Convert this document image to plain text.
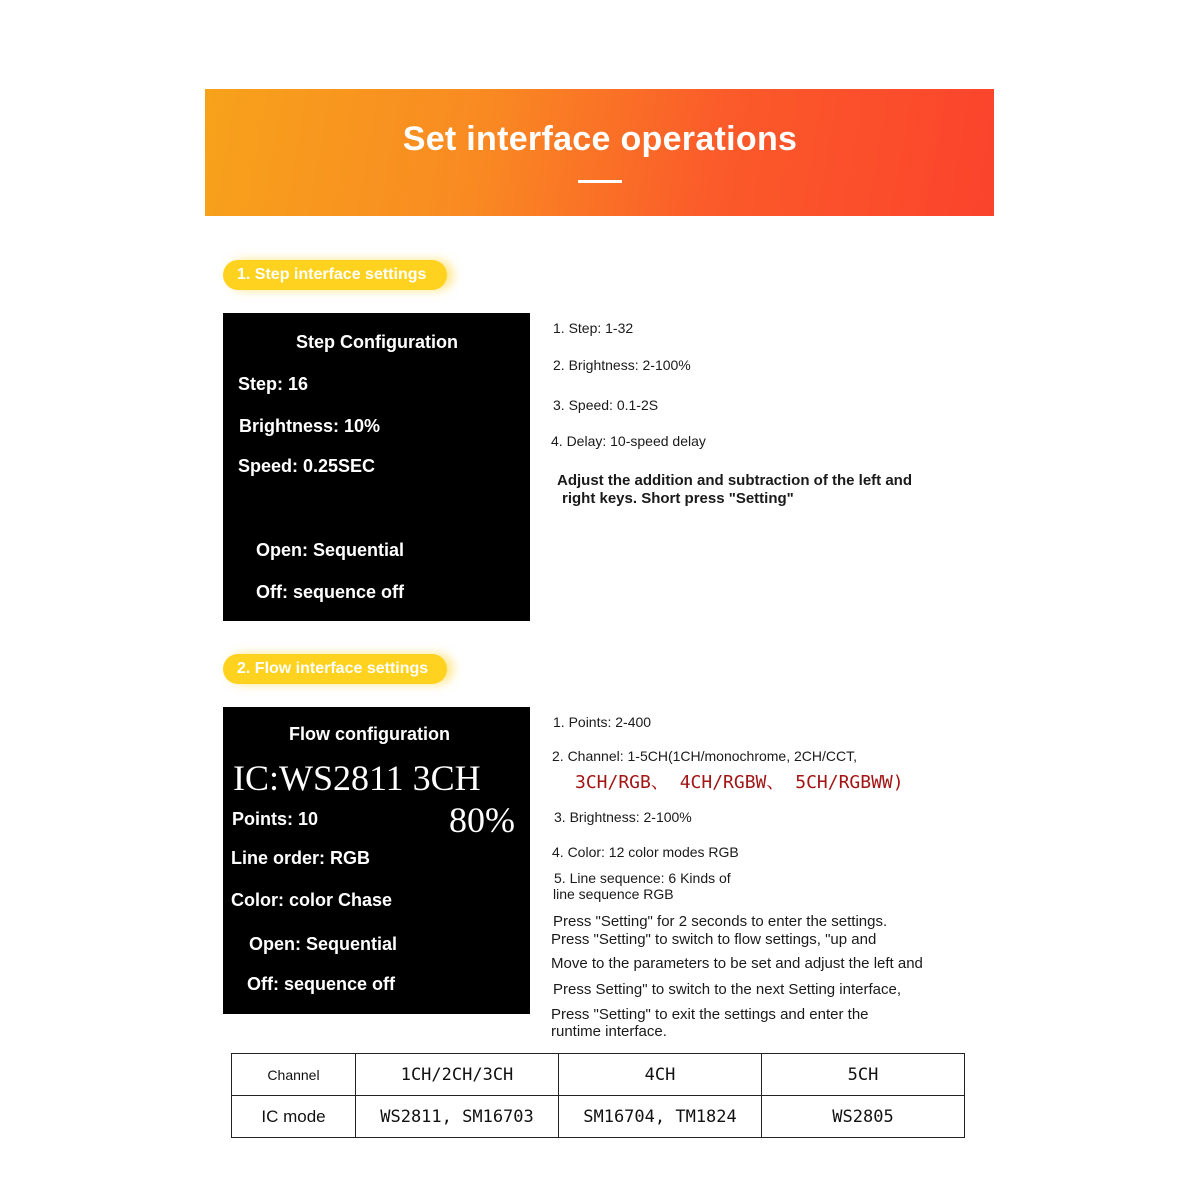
Set interface operations
1. Step interface settings
Step Configuration
Step: 16
Brightness: 10%
Speed: 0.25SEC
Open: Sequential
Off: sequence off
1. Step: 1-32
2. Brightness: 2-100%
3. Speed: 0.1-2S
4. Delay: 10-speed delay
Adjust the addition and subtraction of the left and
right keys. Short press "Setting"
2. Flow interface settings
Flow configuration
IC:WS2811 3CH
80%
Points: 10
Line order: RGB
Color: color Chase
Open: Sequential
Off: sequence off
1. Points: 2-400
2. Channel: 1-5CH(1CH/monochrome, 2CH/CCT,
3CH/RGB、 4CH/RGBW、 5CH/RGBWW)
3. Brightness: 2-100%
4. Color: 12 color modes RGB
5. Line sequence: 6 Kinds of
line sequence RGB
Press "Setting" for 2 seconds to enter the settings.
Press "Setting" to switch to flow settings, "up and
Move to the parameters to be set and adjust the left and
Press Setting" to switch to the next Setting interface,
Press "Setting" to exit the settings and enter the
runtime interface.
Channel	1CH/2CH/3CH	4CH	5CH
IC mode	WS2811, SM16703	SM16704, TM1824	WS2805
